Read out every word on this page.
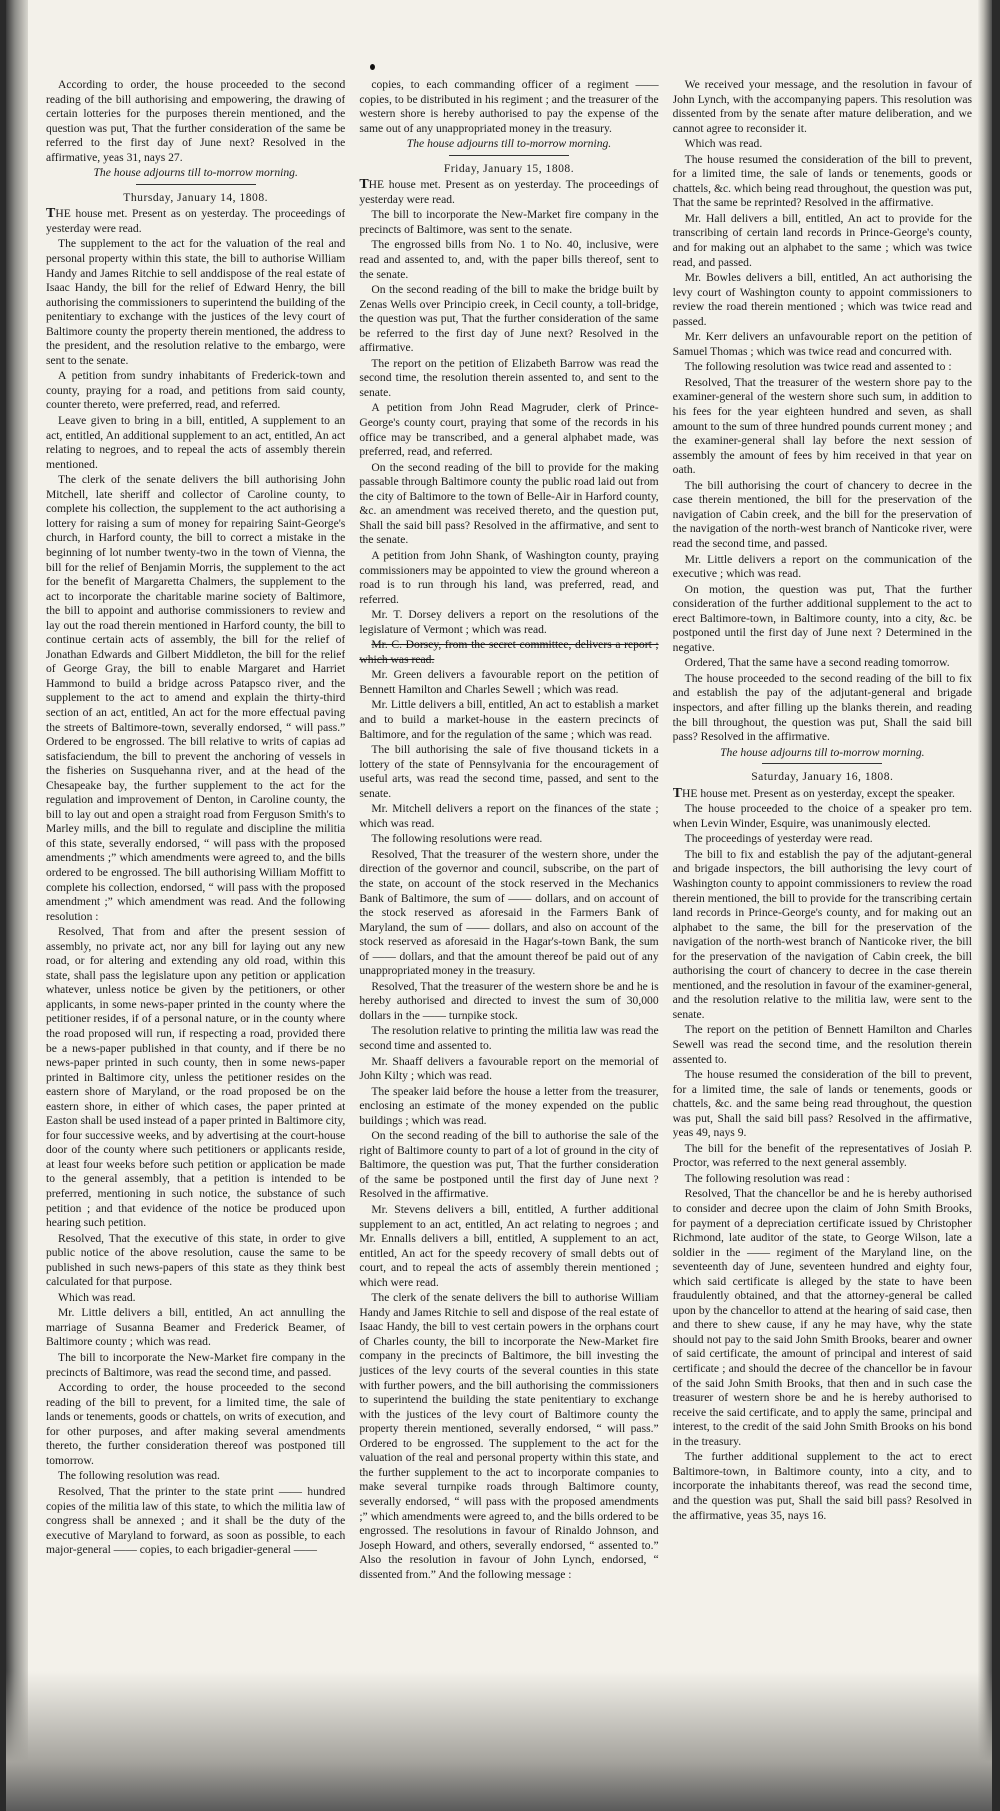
According to order, the house proceeded to the second reading of the bill authorising and empowering, the drawing of certain lotteries for the purposes therein mentioned, and the question was put, That the further consideration of the same be referred to the first day of June next? Resolved in the affirmative, yeas 31, nays 27.

The house adjourns till to-morrow morning.

Thursday, January 14, 1808.

THE house met. Present as on yesterday. The proceedings of yesterday were read.

The supplement to the act for the valuation of the real and personal property within this state, the bill to authorise William Handy and James Ritchie to sell anddispose of the real estate of Isaac Handy, the bill for the relief of Edward Henry, the bill authorising the commissioners to superintend the building of the penitentiary to exchange with the justices of the levy court of Baltimore county the property therein mentioned, the address to the president, and the resolution relative to the embargo, were sent to the senate.

A petition from sundry inhabitants of Frederick-town and county, praying for a road, and petitions from said county, counter thereto, were preferred, read, and referred.

Leave given to bring in a bill, entitled, A supplement to an act, entitled, An additional supplement to an act, entitled, An act relating to negroes, and to repeal the acts of assembly therein mentioned.

The clerk of the senate delivers the bill authorising John Mitchell, late sheriff and collector of Caroline county, to complete his collection, the supplement to the act authorising a lottery for raising a sum of money for repairing Saint-George's church, in Harford county, the bill to correct a mistake in the beginning of lot number twenty-two in the town of Vienna, the bill for the relief of Benjamin Morris, the supplement to the act for the benefit of Margaretta Chalmers, the supplement to the act to incorporate the charitable marine society of Baltimore, the bill to appoint and authorise commissioners to review and lay out the road therein mentioned in Harford county, the bill to continue certain acts of assembly, the bill for the relief of Jonathan Edwards and Gilbert Middleton, the bill for the relief of George Gray, the bill to enable Margaret and Harriet Hammond to build a bridge across Patapsco river, and the supplement to the act to amend and explain the thirty-third section of an act, entitled, An act for the more effectual paving the streets of Baltimore-town, severally endorsed, “ will pass.” Ordered to be engrossed. The bill relative to writs of capias ad satisfaciendum, the bill to prevent the anchoring of vessels in the fisheries on Susquehanna river, and at the head of the Chesapeake bay, the further supplement to the act for the regulation and improvement of Denton, in Caroline county, the bill to lay out and open a straight road from Ferguson Smith's to Marley mills, and the bill to regulate and discipline the militia of this state, severally endorsed, “ will pass with the proposed amendments ;” which amendments were agreed to, and the bills ordered to be engrossed. The bill authorising William Moffitt to complete his collection, endorsed, “ will pass with the proposed amendment ;” which amendment was read. And the following resolution :

Resolved, That from and after the present session of assembly, no private act, nor any bill for laying out any new road, or for altering and extending any old road, within this state, shall pass the legislature upon any petition or application whatever, unless notice be given by the petitioners, or other applicants, in some news-paper printed in the county where the petitioner resides, if of a personal nature, or in the county where the road proposed will run, if respecting a road, provided there be a news-paper published in that county, and if there be no news-paper printed in such county, then in some news-paper printed in Baltimore city, unless the petitioner resides on the eastern shore of Maryland, or the road proposed be on the eastern shore, in either of which cases, the paper printed at Easton shall be used instead of a paper printed in Baltimore city, for four successive weeks, and by advertising at the court-house door of the county where such petitioners or applicants reside, at least four weeks before such petition or application be made to the general assembly, that a petition is intended to be preferred, mentioning in such notice, the substance of such petition ; and that evidence of the notice be produced upon hearing such petition.

Resolved, That the executive of this state, in order to give public notice of the above resolution, cause the same to be published in such news-papers of this state as they think best calculated for that purpose.

Which was read.

Mr. Little delivers a bill, entitled, An act annulling the marriage of Susanna Beamer and Frederick Beamer, of Baltimore county ; which was read.

The bill to incorporate the New-Market fire company in the precincts of Baltimore, was read the second time, and passed.

According to order, the house proceeded to the second reading of the bill to prevent, for a limited time, the sale of lands or tenements, goods or chattels, on writs of execution, and for other purposes, and after making several amendments thereto, the further consideration thereof was postponed till tomorrow.

The following resolution was read.

Resolved, That the printer to the state print —— hundred copies of the militia law of this state, to which the militia law of congress shall be annexed ; and it shall be the duty of the executive of Maryland to forward, as soon as possible, to each major-general —— copies, to each brigadier-general ——

copies, to each commanding officer of a regiment —— copies, to be distributed in his regiment ; and the treasurer of the western shore is hereby authorised to pay the expense of the same out of any unappropriated money in the treasury.

The house adjourns till to-morrow morning.

Friday, January 15, 1808.

THE house met. Present as on yesterday. The proceedings of yesterday were read.

The bill to incorporate the New-Market fire company in the precincts of Baltimore, was sent to the senate.

The engrossed bills from No. 1 to No. 40, inclusive, were read and assented to, and, with the paper bills thereof, sent to the senate.

On the second reading of the bill to make the bridge built by Zenas Wells over Principio creek, in Cecil county, a toll-bridge, the question was put, That the further consideration of the same be referred to the first day of June next? Resolved in the affirmative.

The report on the petition of Elizabeth Barrow was read the second time, the resolution therein assented to, and sent to the senate.

A petition from John Read Magruder, clerk of Prince-George's county court, praying that some of the records in his office may be transcribed, and a general alphabet made, was preferred, read, and referred.

On the second reading of the bill to provide for the making passable through Baltimore county the public road laid out from the city of Baltimore to the town of Belle-Air in Harford county, &c. an amendment was received thereto, and the question put, Shall the said bill pass? Resolved in the affirmative, and sent to the senate.

A petition from John Shank, of Washington county, praying commissioners may be appointed to view the ground whereon a road is to run through his land, was preferred, read, and referred.

Mr. T. Dorsey delivers a report on the resolutions of the legislature of Vermont ; which was read.

Mr. C. Dorsey, from the secret committee, delivers a report ; which was read.

Mr. Green delivers a favourable report on the petition of Bennett Hamilton and Charles Sewell ; which was read.

Mr. Little delivers a bill, entitled, An act to establish a market and to build a market-house in the eastern precincts of Baltimore, and for the regulation of the same ; which was read.

The bill authorising the sale of five thousand tickets in a lottery of the state of Pennsylvania for the encouragement of useful arts, was read the second time, passed, and sent to the senate.

Mr. Mitchell delivers a report on the finances of the state ; which was read.

The following resolutions were read.

Resolved, That the treasurer of the western shore, under the direction of the governor and council, subscribe, on the part of the state, on account of the stock reserved in the Mechanics Bank of Baltimore, the sum of —— dollars, and on account of the stock reserved as aforesaid in the Farmers Bank of Maryland, the sum of —— dollars, and also on account of the stock reserved as aforesaid in the Hagar's-town Bank, the sum of —— dollars, and that the amount thereof be paid out of any unappropriated money in the treasury.

Resolved, That the treasurer of the western shore be and he is hereby authorised and directed to invest the sum of 30,000 dollars in the —— turnpike stock.

The resolution relative to printing the militia law was read the second time and assented to.

Mr. Shaaff delivers a favourable report on the memorial of John Kilty ; which was read.

The speaker laid before the house a letter from the treasurer, enclosing an estimate of the money expended on the public buildings ; which was read.

On the second reading of the bill to authorise the sale of the right of Baltimore county to part of a lot of ground in the city of Baltimore, the question was put, That the further consideration of the same be postponed until the first day of June next ? Resolved in the affirmative.

Mr. Stevens delivers a bill, entitled, A further additional supplement to an act, entitled, An act relating to negroes ; and Mr. Ennalls delivers a bill, entitled, A supplement to an act, entitled, An act for the speedy recovery of small debts out of court, and to repeal the acts of assembly therein mentioned ; which were read.

The clerk of the senate delivers the bill to authorise William Handy and James Ritchie to sell and dispose of the real estate of Isaac Handy, the bill to vest certain powers in the orphans court of Charles county, the bill to incorporate the New-Market fire company in the precincts of Baltimore, the bill investing the justices of the levy courts of the several counties in this state with further powers, and the bill authorising the commissioners to superintend the building the state penitentiary to exchange with the justices of the levy court of Baltimore county the property therein mentioned, severally endorsed, “ will pass.” Ordered to be engrossed. The supplement to the act for the valuation of the real and personal property within this state, and the further supplement to the act to incorporate companies to make several turnpike roads through Baltimore county, severally endorsed, “ will pass with the proposed amendments ;” which amendments were agreed to, and the bills ordered to be engrossed. The resolutions in favour of Rinaldo Johnson, and Joseph Howard, and others, severally endorsed, “ assented to.” Also the resolution in favour of John Lynch, endorsed, “ dissented from.” And the following message :

We received your message, and the resolution in favour of John Lynch, with the accompanying papers. This resolution was dissented from by the senate after mature deliberation, and we cannot agree to reconsider it.

Which was read.

The house resumed the consideration of the bill to prevent, for a limited time, the sale of lands or tenements, goods or chattels, &c. which being read throughout, the question was put, That the same be reprinted? Resolved in the affirmative.

Mr. Hall delivers a bill, entitled, An act to provide for the transcribing of certain land records in Prince-George's county, and for making out an alphabet to the same ; which was twice read, and passed.

Mr. Bowles delivers a bill, entitled, An act authorising the levy court of Washington county to appoint commissioners to review the road therein mentioned ; which was twice read and passed.

Mr. Kerr delivers an unfavourable report on the petition of Samuel Thomas ; which was twice read and concurred with.

The following resolution was twice read and assented to :

Resolved, That the treasurer of the western shore pay to the examiner-general of the western shore such sum, in addition to his fees for the year eighteen hundred and seven, as shall amount to the sum of three hundred pounds current money ; and the examiner-general shall lay before the next session of assembly the amount of fees by him received in that year on oath.

The bill authorising the court of chancery to decree in the case therein mentioned, the bill for the preservation of the navigation of Cabin creek, and the bill for the preservation of the navigation of the north-west branch of Nanticoke river, were read the second time, and passed.

Mr. Little delivers a report on the communication of the executive ; which was read.

On motion, the question was put, That the further consideration of the further additional supplement to the act to erect Baltimore-town, in Baltimore county, into a city, &c. be postponed until the first day of June next ? Determined in the negative.

Ordered, That the same have a second reading tomorrow.

The house proceeded to the second reading of the bill to fix and establish the pay of the adjutant-general and brigade inspectors, and after filling up the blanks therein, and reading the bill throughout, the question was put, Shall the said bill pass? Resolved in the affirmative.

The house adjourns till to-morrow morning.

Saturday, January 16, 1808.

THE house met. Present as on yesterday, except the speaker.

The house proceeded to the choice of a speaker pro tem. when Levin Winder, Esquire, was unanimously elected.

The proceedings of yesterday were read.

The bill to fix and establish the pay of the adjutant-general and brigade inspectors, the bill authorising the levy court of Washington county to appoint commissioners to review the road therein mentioned, the bill to provide for the transcribing certain land records in Prince-George's county, and for making out an alphabet to the same, the bill for the preservation of the navigation of the north-west branch of Nanticoke river, the bill for the preservation of the navigation of Cabin creek, the bill authorising the court of chancery to decree in the case therein mentioned, and the resolution in favour of the examiner-general, and the resolution relative to the militia law, were sent to the senate.

The report on the petition of Bennett Hamilton and Charles Sewell was read the second time, and the resolution therein assented to.

The house resumed the consideration of the bill to prevent, for a limited time, the sale of lands or tenements, goods or chattels, &c. and the same being read throughout, the question was put, Shall the said bill pass? Resolved in the affirmative, yeas 49, nays 9.

The bill for the benefit of the representatives of Josiah P. Proctor, was referred to the next general assembly.

The following resolution was read :

Resolved, That the chancellor be and he is hereby authorised to consider and decree upon the claim of John Smith Brooks, for payment of a depreciation certificate issued by Christopher Richmond, late auditor of the state, to George Wilson, late a soldier in the —— regiment of the Maryland line, on the seventeenth day of June, seventeen hundred and eighty four, which said certificate is alleged by the state to have been fraudulently obtained, and that the attorney-general be called upon by the chancellor to attend at the hearing of said case, then and there to shew cause, if any he may have, why the state should not pay to the said John Smith Brooks, bearer and owner of said certificate, the amount of principal and interest of said certificate ; and should the decree of the chancellor be in favour of the said John Smith Brooks, that then and in such case the treasurer of western shore be and he is hereby authorised to receive the said certificate, and to apply the same, principal and interest, to the credit of the said John Smith Brooks on his bond in the treasury.

The further additional supplement to the act to erect Baltimore-town, in Baltimore county, into a city, and to incorporate the inhabitants thereof, was read the second time, and the question was put, Shall the said bill pass? Resolved in the affirmative, yeas 35, nays 16.
